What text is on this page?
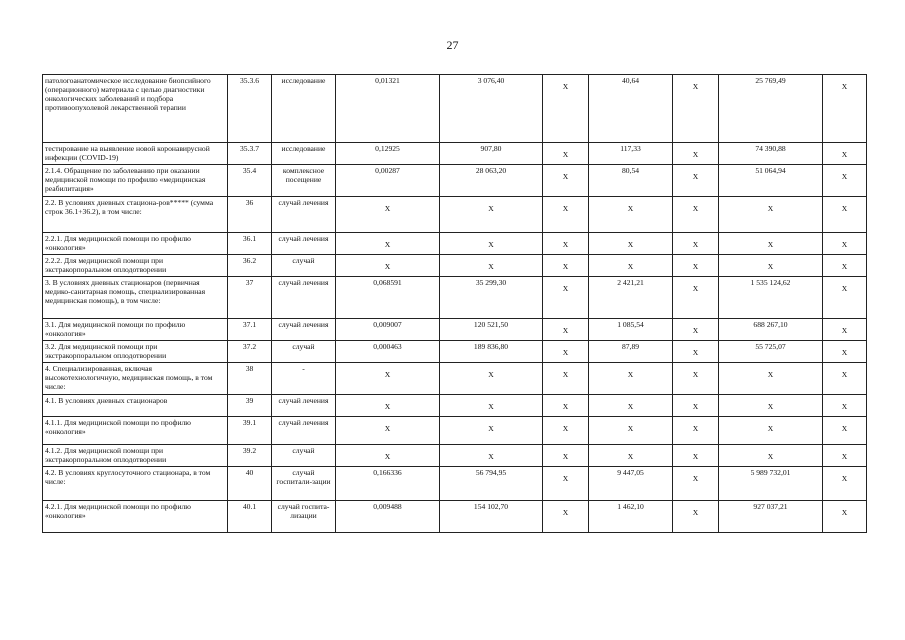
27
патологоанатомическое исследование биопсийного (операционного) материала с целью диагностики онкологических заболеваний и подбора противоопухолевой лекарственной терапии	35.3.6	исследование	0,01321	3 076,40	X	40,64	X	25 769,49	X

тестирование на выявление новой коронавирусной инфекции (COVID-19)	35.3.7	исследование	0,12925	907,80	X	117,33	X	74 390,88	X

2.1.4. Обращение по заболеванию при оказании медицинской помощи по профилю «медицинская реабилитация»	35.4	комплексное посещение	0,00287	28 063,20	X	80,54	X	51 064,94	X

2.2. В условиях дневных стациона-ров***** (сумма строк 36.1+36.2), в том числе:	36	случай лечения	X	X	X	X	X	X	X

2.2.1. Для медицинской помощи по профилю «онкология»	36.1	случай лечения	X	X	X	X	X	X	X

2.2.2. Для медицинской помощи при экстракорпоральном оплодотворении	36.2	случай	X	X	X	X	X	X	X

3. В условиях дневных стационаров (первичная медико-санитарная помощь, специализированная медицинская помощь), в том числе:	37	случай лечения	0,068591	35 299,30	X	2 421,21	X	1 535 124,62	X

3.1. Для медицинской помощи по профилю «онкология»	37.1	случай лечения	0,009007	120 521,50	X	1 085,54	X	688 267,10	X

3.2. Для медицинской помощи при экстракорпоральном оплодотворении	37.2	случай	0,000463	189 836,80	X	87,89	X	55 725,07	X

4. Специализированная, включая высокотехнологичную, медицинская помощь, в том числе:	38	-	X	X	X	X	X	X	X

4.1. В условиях дневных стационаров	39	случай лечения	X	X	X	X	X	X	X

4.1.1. Для медицинской помощи по профилю «онкология»	39.1	случай лечения	X	X	X	X	X	X	X

4.1.2. Для медицинской помощи при экстракорпоральном оплодотворении	39.2	случай	X	X	X	X	X	X	X

4.2. В условиях круглосуточного стационара, в том числе:	40	случай госпитали-зации	0,166336	56 794,95	X	9 447,05	X	5 989 732,01	X

4.2.1. Для медицинской помощи по профилю «онкология»	40.1	случай госпита-лизации	0,009488	154 102,70	X	1 462,10	X	927 037,21	X
